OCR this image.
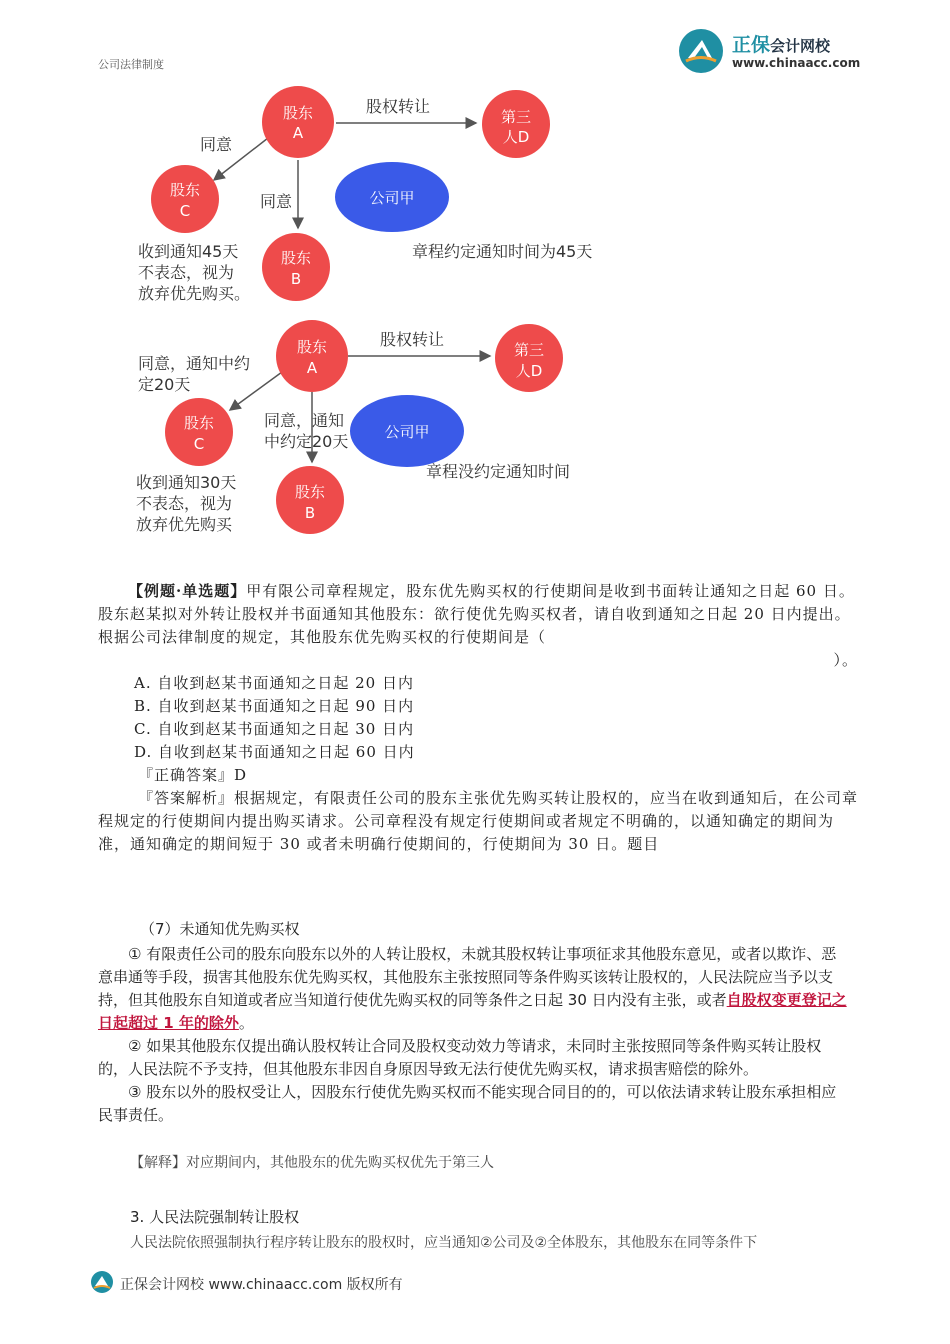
公司法律制度
正保会计网校
www.chinaacc.com
股东
A
第三
人D
股东
C
股东
B
公司甲
股权转让
同意
同意
收到通知45天
不表态，视为
放弃优先购买。
章程约定通知时间为45天
股东
A
第三
人D
股东
C
股东
B
公司甲
股权转让
同意，通知中约
定20天
同意，通知
中约定20天
收到通知30天
不表态，视为
放弃优先购买
章程没约定通知时间

【例题·单选题】甲有限公司章程规定，股东优先购买权的行使期间是收到书面转让通知之日起 60 日。股东赵某拟对外转让股权并书面通知其他股东：欲行使优先购买权者，请自收到通知之日起 20 日内提出。根据公司法律制度的规定，其他股东优先购买权的行使期间是（

）。

A. 自收到赵某书面通知之日起 20 日内

B. 自收到赵某书面通知之日起 90 日内

C. 自收到赵某书面通知之日起 30 日内

D. 自收到赵某书面通知之日起 60 日内

『正确答案』D

『答案解析』根据规定，有限责任公司的股东主张优先购买转让股权的，应当在收到通知后，在公司章程规定的行使期间内提出购买请求。公司章程没有规定行使期间或者规定不明确的，以通知确定的期间为准，通知确定的期间短于 30 或者未明确行使期间的，行使期间为 30 日。题目

（7）未通知优先购买权

① 有限责任公司的股东向股东以外的人转让股权，未就其股权转让事项征求其他股东意见，或者以欺诈、恶意串通等手段，损害其他股东优先购买权，其他股东主张按照同等条件购买该转让股权的，人民法院应当予以支持，但其他股东自知道或者应当知道行使优先购买权的同等条件之日起 30 日内没有主张，或者自股权变更登记之日起超过 1 年的除外。

② 如果其他股东仅提出确认股权转让合同及股权变动效力等请求，未同时主张按照同等条件购买转让股权的，人民法院不予支持，但其他股东非因自身原因导致无法行使优先购买权，请求损害赔偿的除外。

③ 股东以外的股权受让人，因股东行使优先购买权而不能实现合同目的的，可以依法请求转让股东承担相应民事责任。

【解释】对应期间内，其他股东的优先购买权优先于第三人
3. 人民法院强制转让股权
人民法院依照强制执行程序转让股东的股权时，应当通知②公司及②全体股东，其他股东在同等条件下
正保会计网校 www.chinaacc.com 版权所有
